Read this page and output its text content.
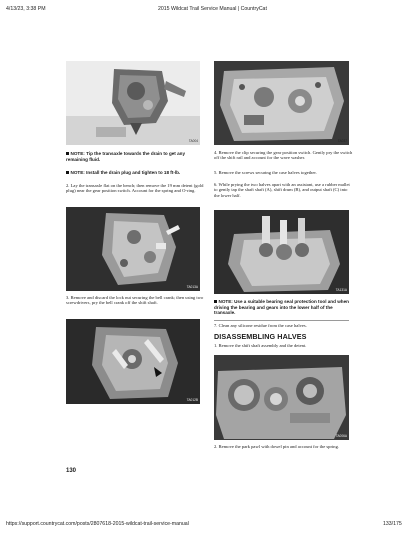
4/13/23, 3:38 PM	2015 Wildcat Trail Service Manual | CountryCat
TA004
NOTE: Tip the transaxle towards the drain to get any remaining fluid.
NOTE: Install the drain plug and tighten to 18 ft-lb.
2. Lay the transaxle flat on the bench; then remove the 19 mm detent (gold plug) near the gear position switch. Account for the spring and O-ring.
TA013A
3. Remove and discard the lock nut securing the bell crank; then using two screwdrivers, pry the bell crank off the shift shaft.
TA012B
TA037
4. Remove the clip securing the gear position switch. Gently pry the switch off the shift rail and account for the wave washer.
5. Remove the screws securing the case halves together.
6. While prying the two halves apart with an assistant, use a rubber mallet to gently tap the shaft shaft (A), shift drum (B), and output shaft (C) into the lower half.
TA131A
NOTE: Use a suitable bearing seal protection tool and when driving the bearing and gears into the lower half of the transaxle.
7. Clean any silicone residue from the case halves.
DISASSEMBLING HALVES
1. Remove the shift shaft assembly and the detent.
TA006A
2. Remove the park pawl with dowel pin and account for the spring.
130
https://support.countrycat.com/posts/2807618-2015-wildcat-trail-service-manual	133/175
